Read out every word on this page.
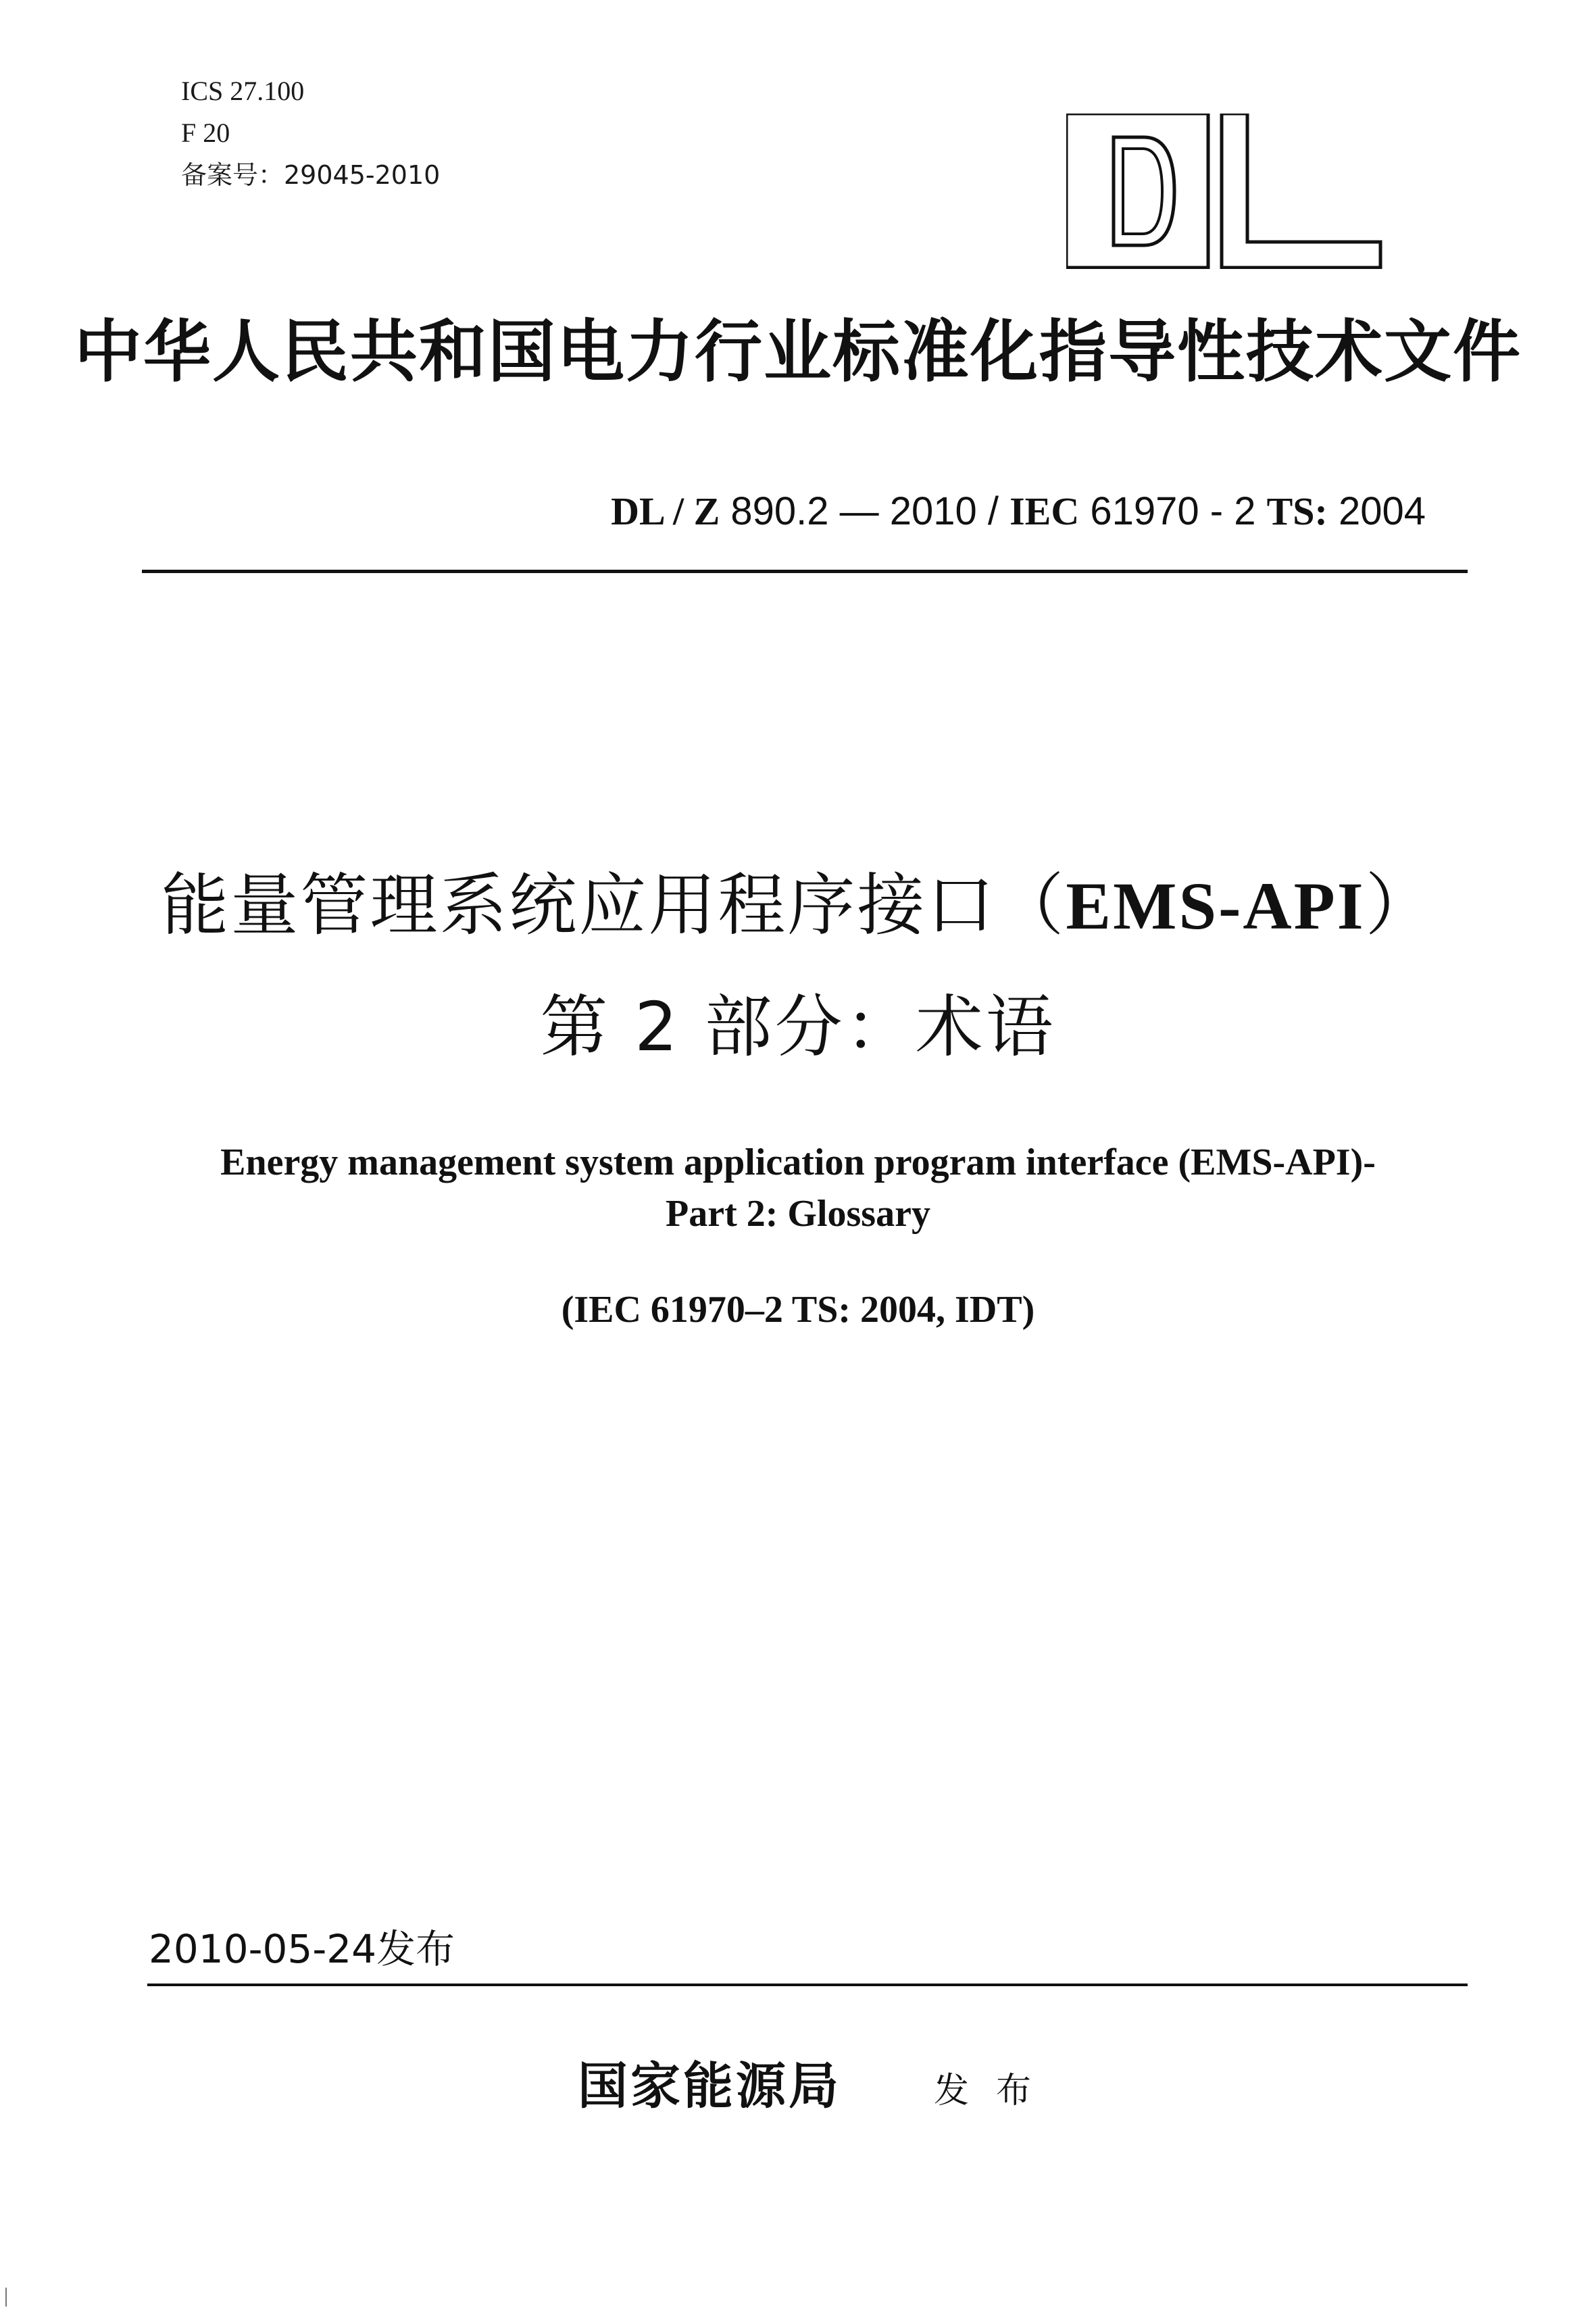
ICS 27.100
F 20
备案号：29045-2010
中华人民共和国电力行业标准化指导性技术文件
DL / Z 890.2 — 2010 / IEC 61970 - 2 TS: 2004
能量管理系统应用程序接口（EMS-API）
第 2 部分：术语
Energy management system application program interface (EMS-API)-
Part 2: Glossary
(IEC 61970–2 TS: 2004, IDT)
2010-05-24发布
国家能源局	发布
